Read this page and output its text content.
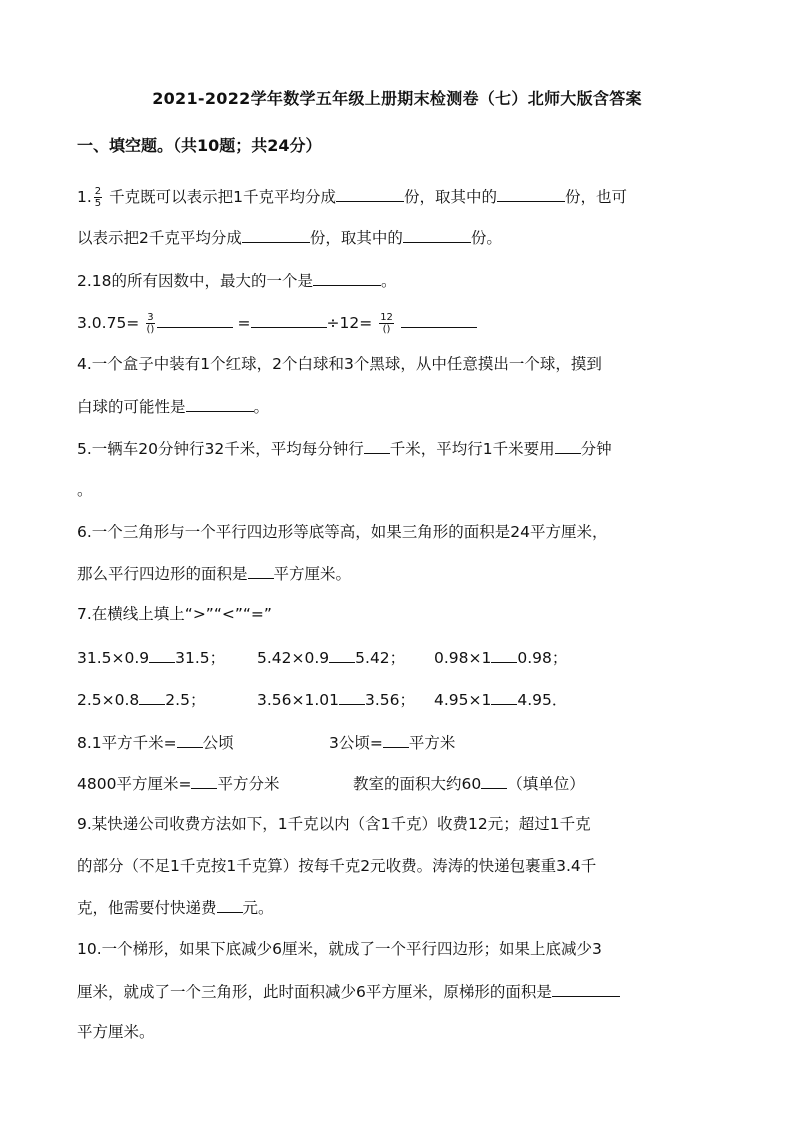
2021-2022学年数学五年级上册期末检测卷（七）北师大版含答案
一、填空题。（共10题；共24分）
1. $\frac{2}{5}$ 千克既可以表示把1千克平均分成	份，取其中的	份，也可
以表示把2千克平均分成	份，取其中的	份。
2.18的所有因数中，最大的一个是	。
$3.0.75= \frac{3}{()}$	=	$\div 12= \frac{12}{()}$

4.一个盒子中装有1个红球，2个白球和3个黑球，从中任意摸出一个球，摸到
白球的可能性是	。
5.一辆车20分钟行32千米，平均每分钟行 千米，平均行1千米要用 分钟
。
6.一个三角形与一个平行四边形等底等高，如果三角形的面积是24平方厘米，
那么平行四边形的面积是 平方厘米。
7.在横线上填上“>”“<”“=”
31.5×0.9 31.5； 5.42×0.9 5.42； 0.98×1 0.98；
2.5×0.8 2.5；	3.56×1.01 3.56； 4.95×1 4.95．
8.1平方千米= 公顷	3公顷= 平方米
4800平方厘米= 平方分米	教室的面积大约60 （填单位）
9.某快递公司收费方法如下，1千克以内（含1千克）收费12元；超过1千克
的部分（不足1千克按1千克算）按每千克2元收费。涛涛的快递包裹重3.4千
克，他需要付快递费 元。
10.一个梯形，如果下底减少6厘米，就成了一个平行四边形；如果上底减少3
厘米，就成了一个三角形，此时面积减少6平方厘米，原梯形的面积是
平方厘米。
